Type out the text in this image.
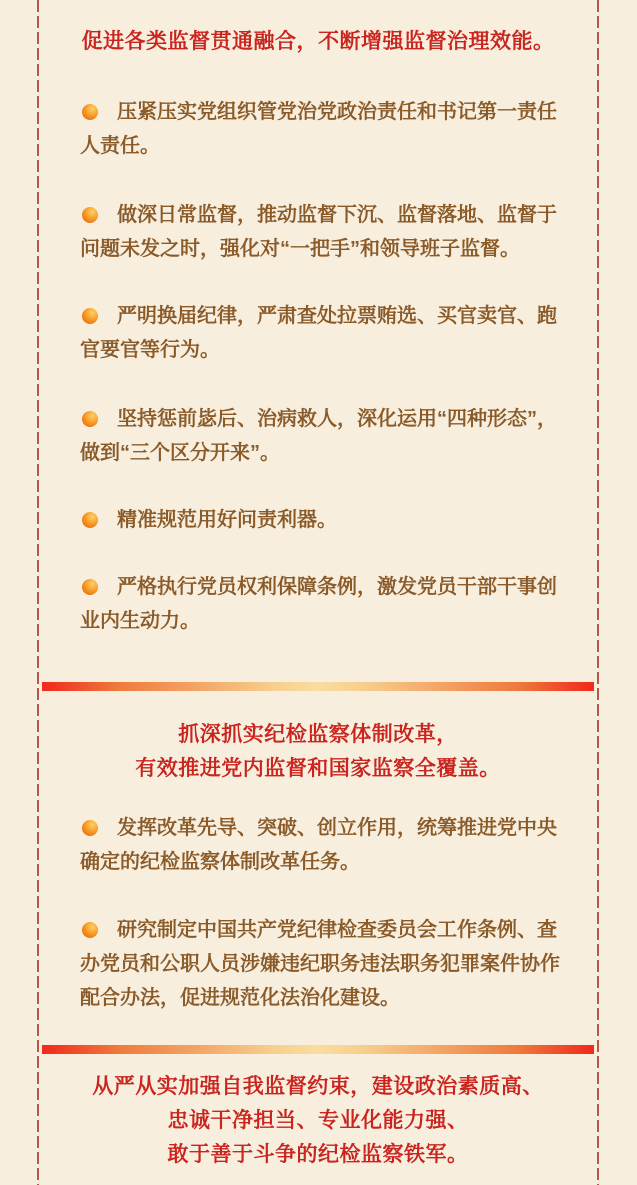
促进各类监督贯通融合，不断增强监督治理效能。

压紧压实党组织管党治党政治责任和书记第一责任人责任。

做深日常监督，推动监督下沉、监督落地、监督于问题未发之时，强化对“一把手”和领导班子监督。

严明换届纪律，严肃查处拉票贿选、买官卖官、跑官要官等行为。

坚持惩前毖后、治病救人，深化运用“四种形态”，做到“三个区分开来”。

精准规范用好问责利器。

严格执行党员权利保障条例，激发党员干部干事创业内生动力。

抓深抓实纪检监察体制改革，
有效推进党内监督和国家监察全覆盖。

发挥改革先导、突破、创立作用，统筹推进党中央确定的纪检监察体制改革任务。

研究制定中国共产党纪律检查委员会工作条例、查办党员和公职人员涉嫌违纪职务违法职务犯罪案件协作配合办法，促进规范化法治化建设。

从严从实加强自我监督约束，建设政治素质高、
忠诚干净担当、专业化能力强、
敢于善于斗争的纪检监察铁军。
